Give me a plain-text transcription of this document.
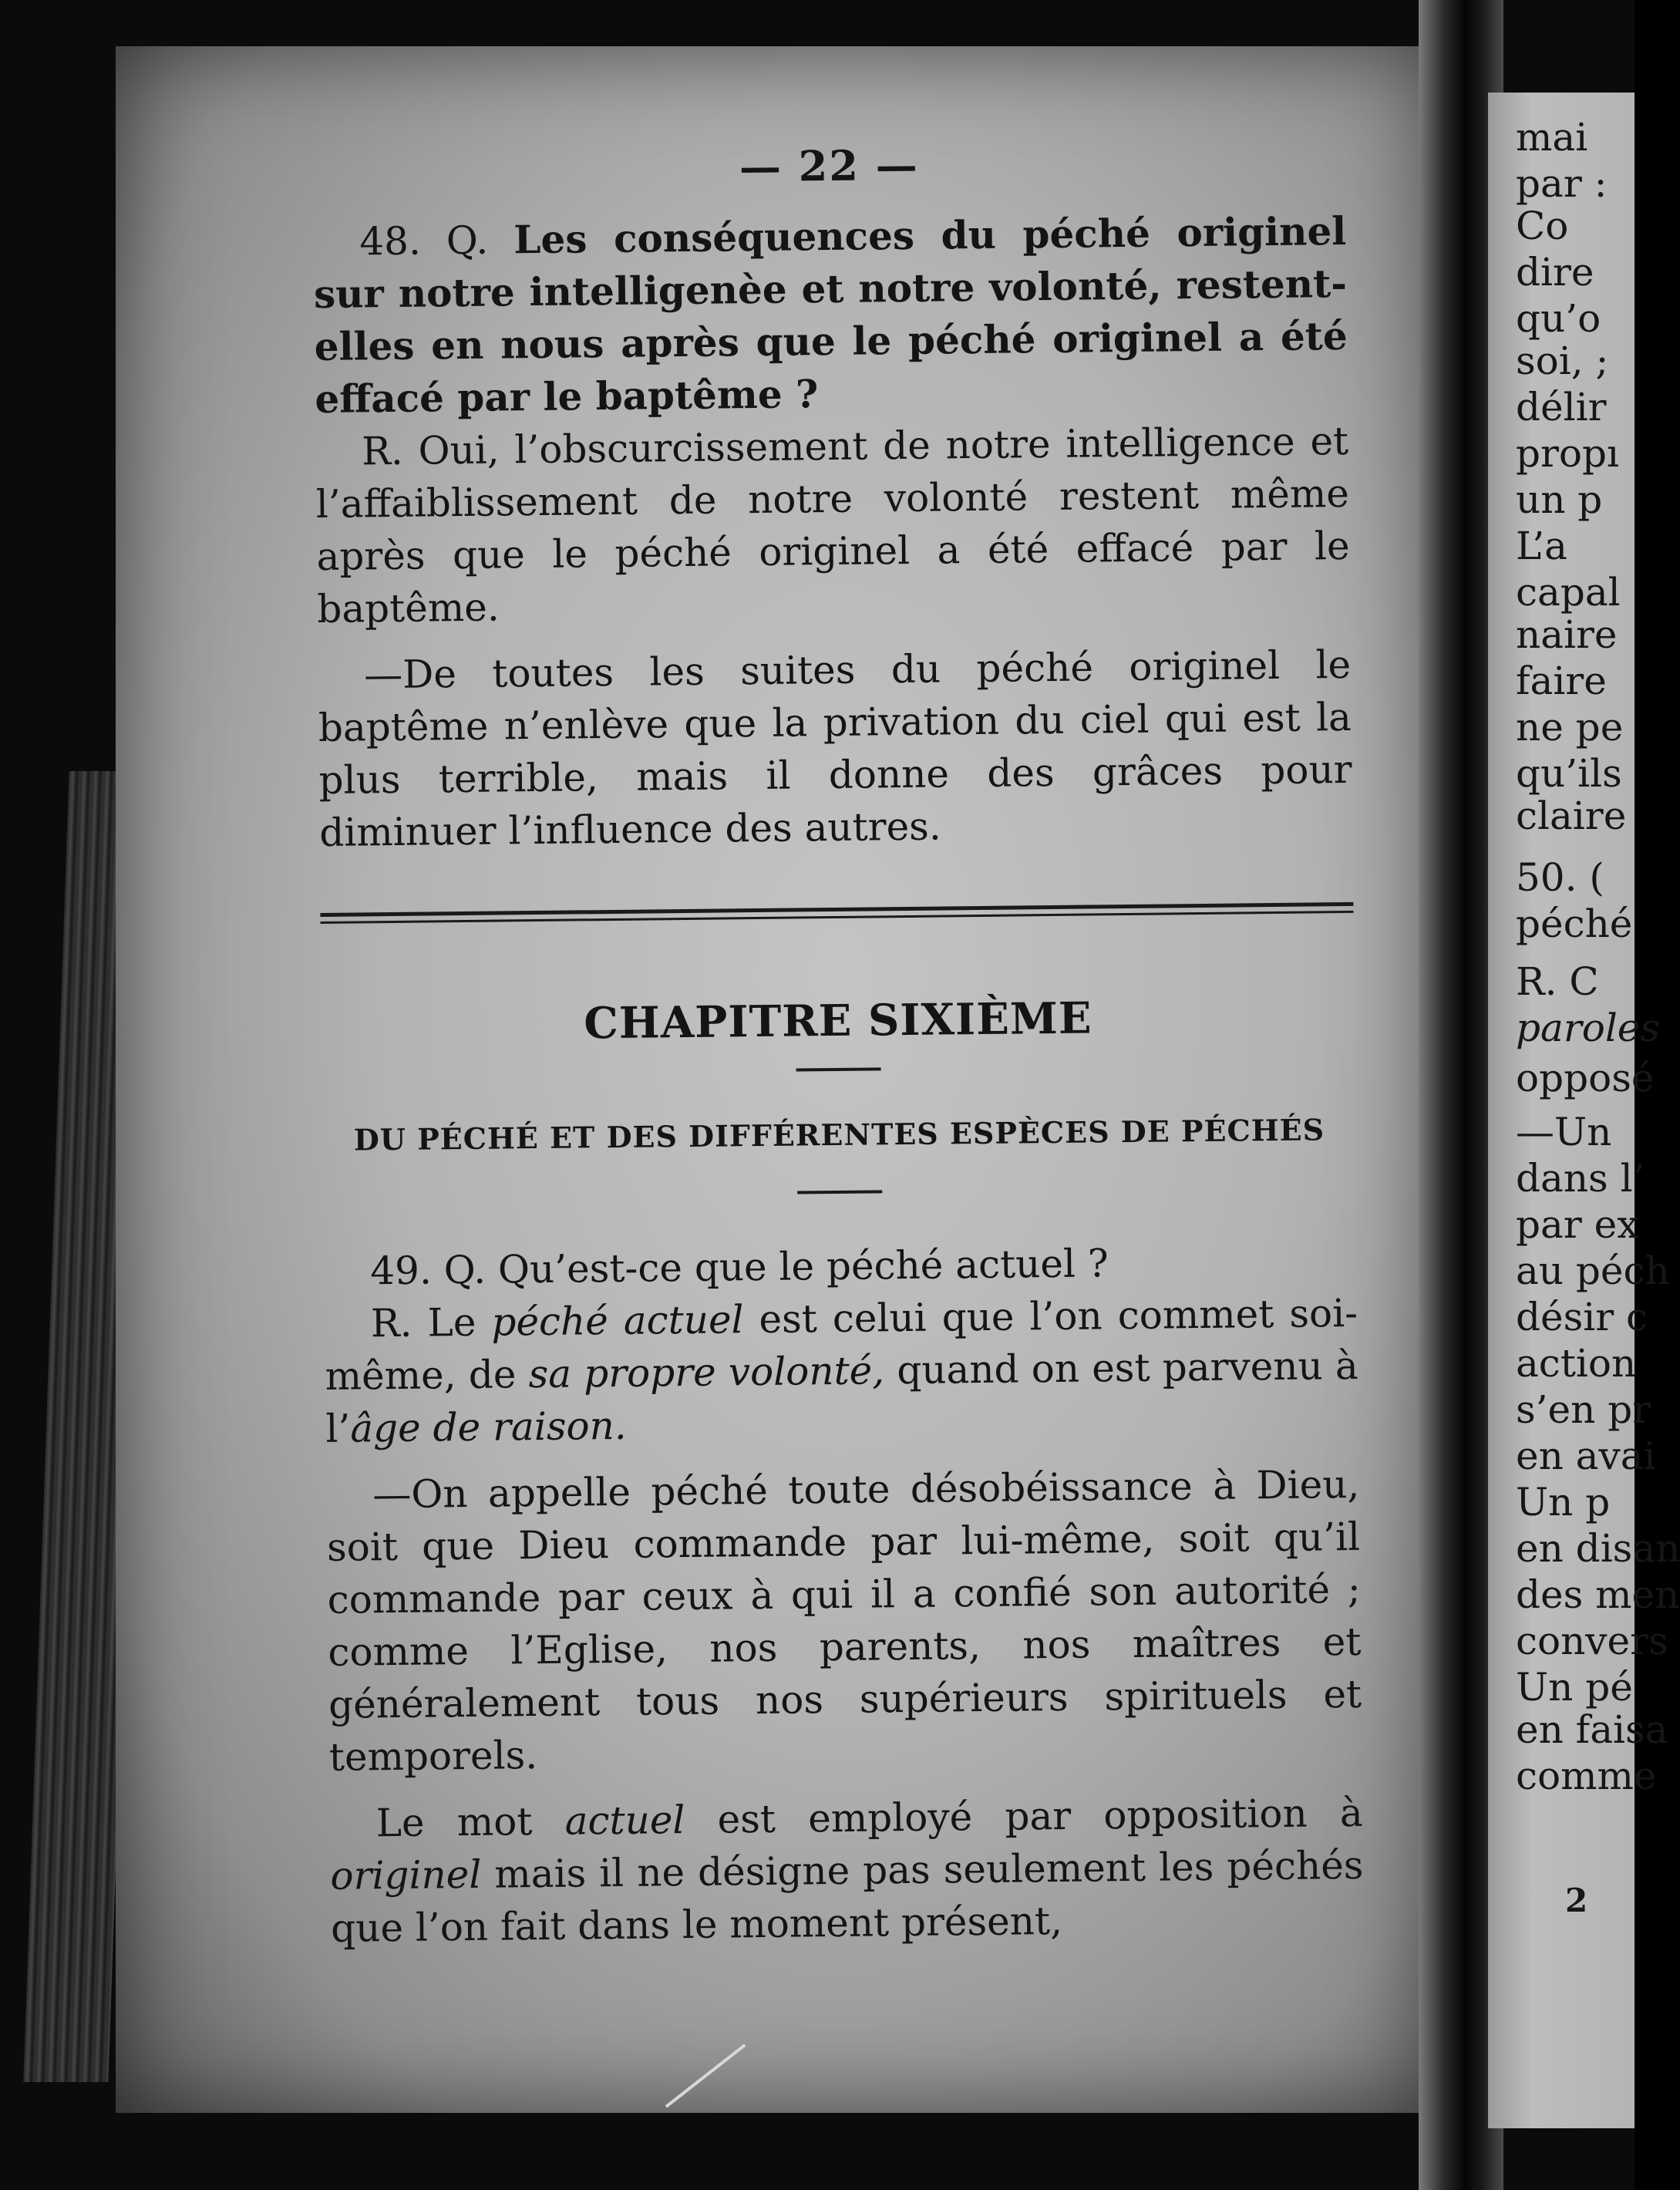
— 22 —

48. Q. Les conséquences du péché originel sur notre intelligenèe et notre volonté, restent-elles en nous après que le péché originel a été effacé par le baptême ?

R. Oui, l’obscurcissement de notre intelligence et l’affaiblissement de notre volonté restent même après que le péché originel a été effacé par le baptême.

—De toutes les suites du péché originel le baptême n’enlève que la privation du ciel qui est la plus terrible, mais il donne des grâces pour diminuer l’influence des autres.

CHAPITRE SIXIÈME
DU PÉCHÉ ET DES DIFFÉRENTES ESPÈCES DE PÉCHÉS

49. Q. Qu’est-ce que le péché actuel ?

R. Le péché actuel est celui que l’on commet soi-même, de sa propre volonté, quand on est parvenu à l’âge de raison.

—On appelle péché toute désobéissance à Dieu, soit que Dieu commande par lui-même, soit qu’il commande par ceux à qui il a confié son autorité ; comme l’Eglise, nos parents, nos maîtres et généralement tous nos supérieurs spirituels et temporels.

Le mot actuel est employé par opposition à originel mais il ne désigne pas seulement les péchés que l’on fait dans le moment présent,	2
mai
par :
Co
dire
qu’o
soi, ;
délir
propı
un p
L’a
capal
naire
faire
ne pe
qu’ils
claire
50. (
péché
R. C
paroles
opposé
—Un
dans l’
par ex
au péch
désir c
action
s’en pr
en avai
Un p
en disan
des men
convers
Un pé
en faisa
comme
